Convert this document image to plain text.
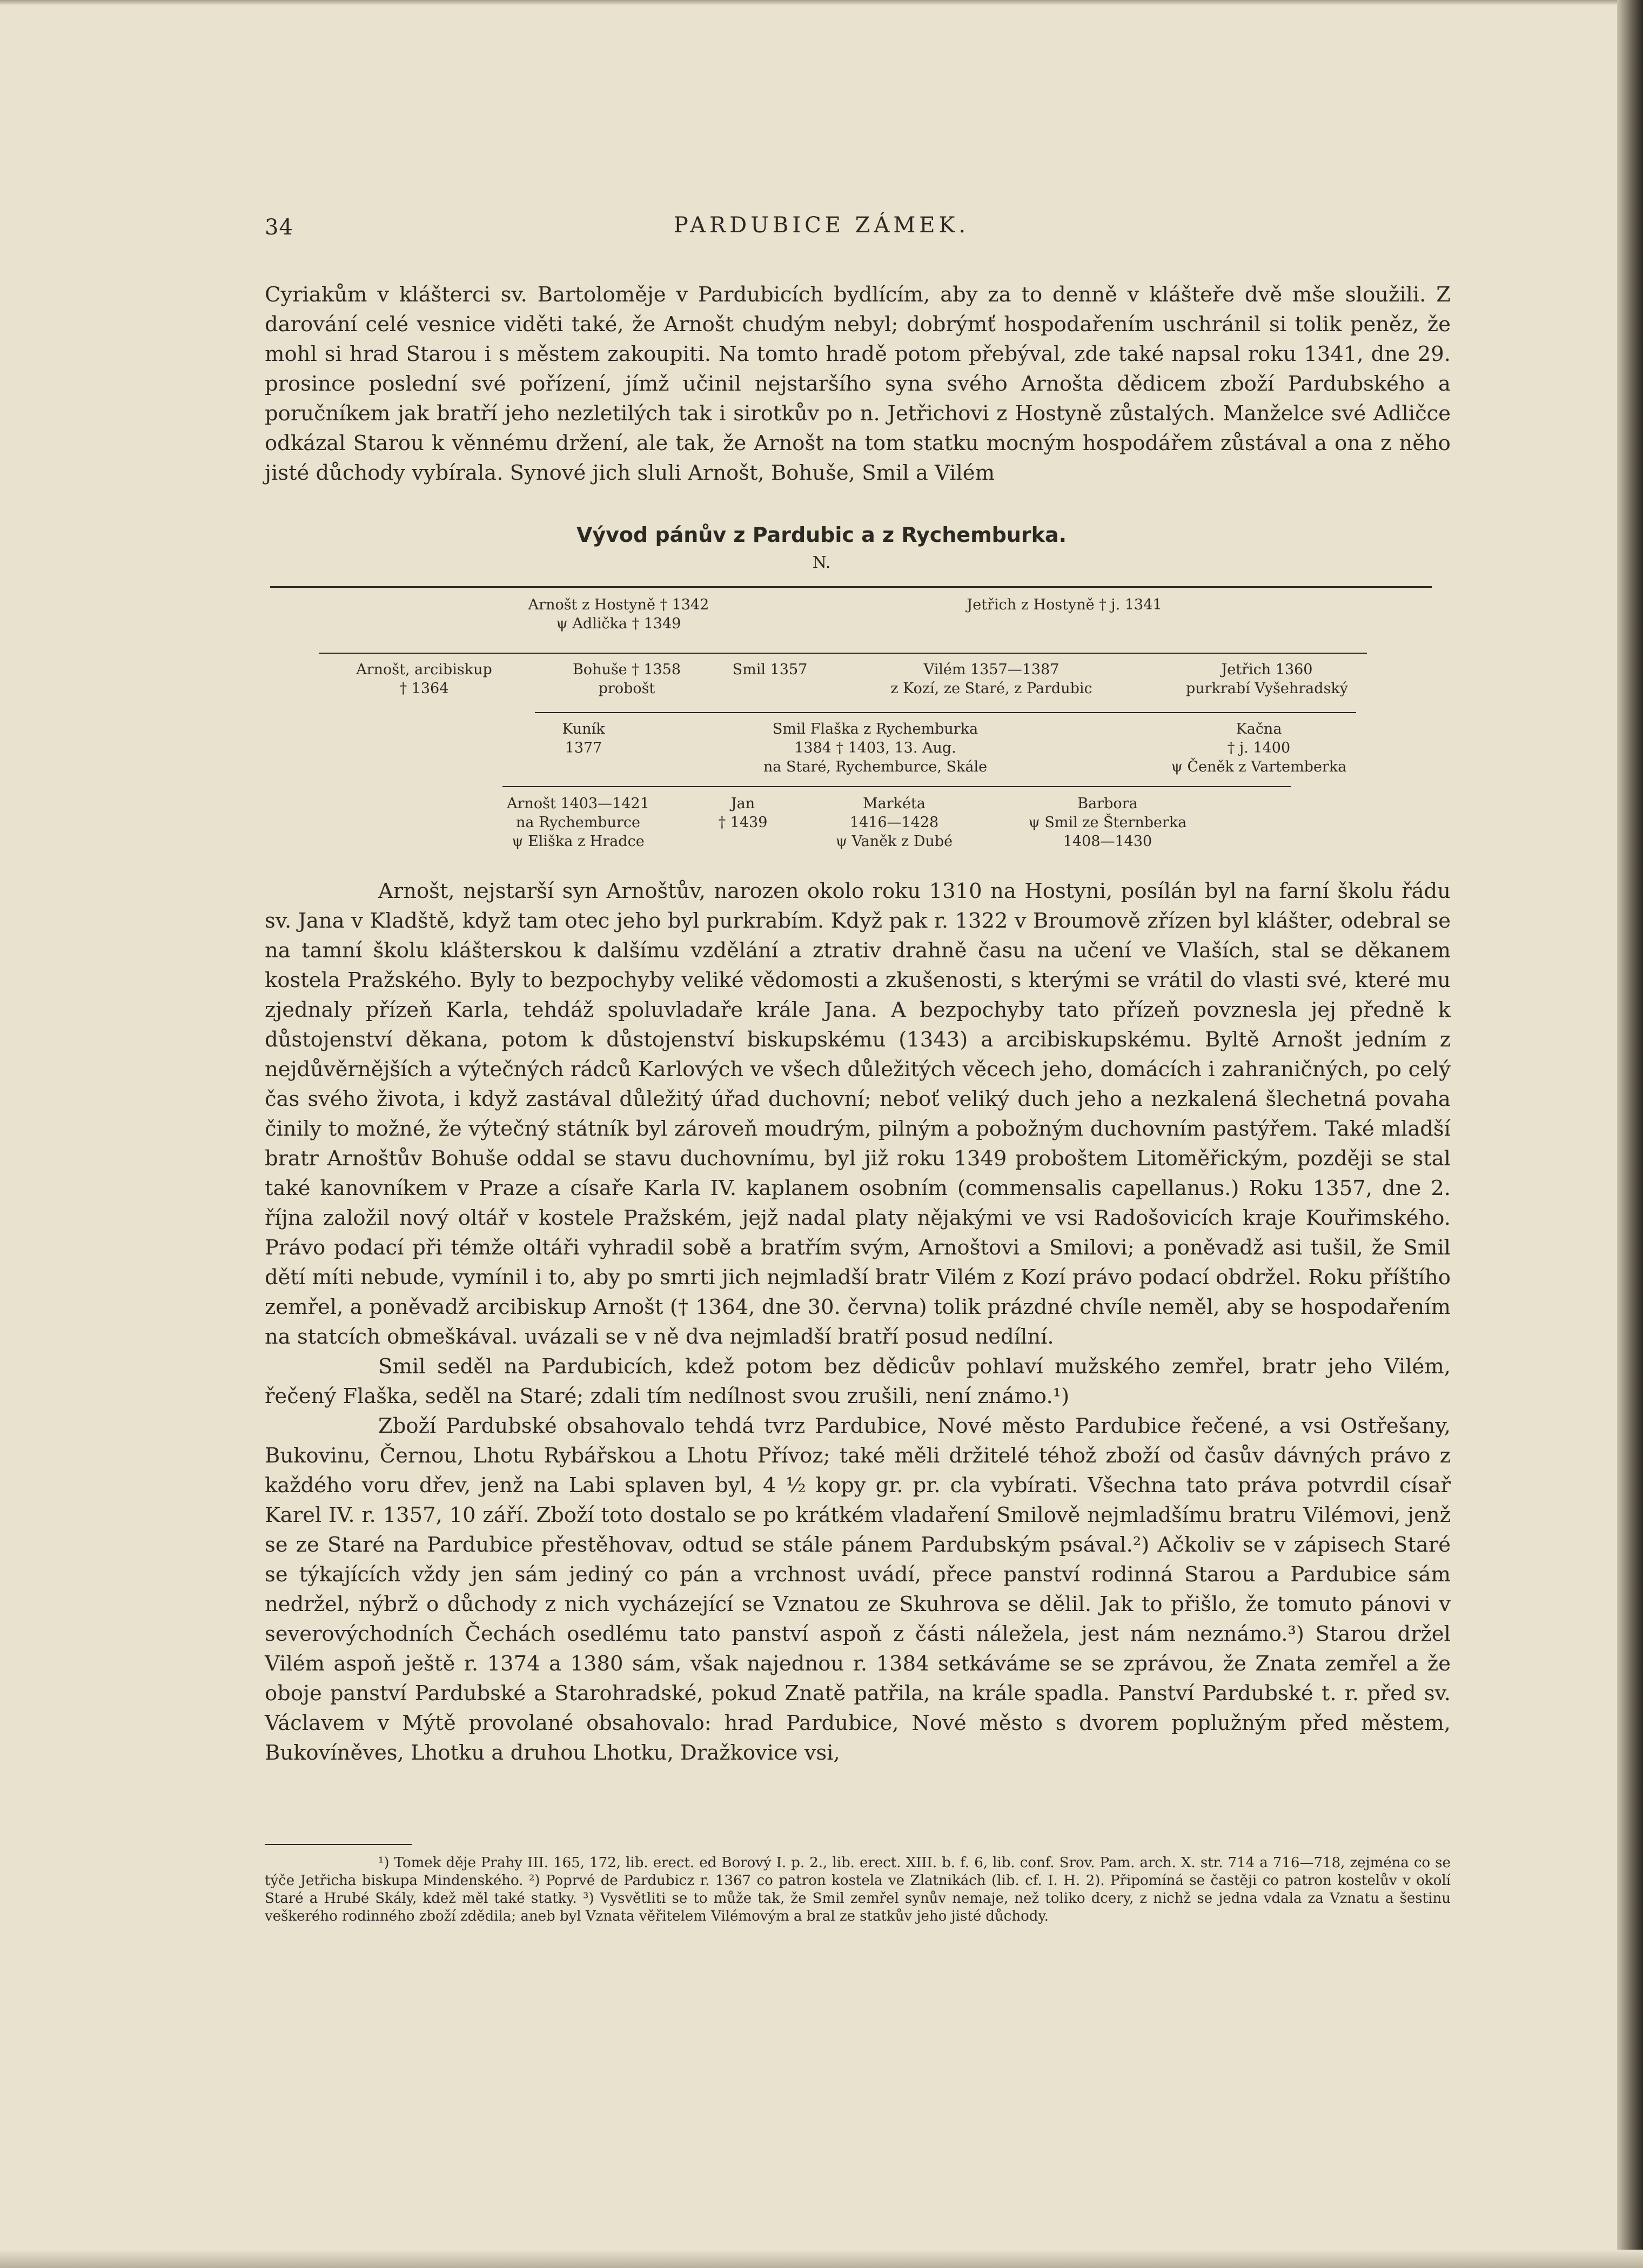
34	PARDUBICE ZÁMEK.

Cyriakům v klášterci sv. Bartoloměje v Pardubicích bydlícím, aby za to denně v klášteře dvě mše sloužili. Z darování celé vesnice viděti také, že Arnošt chudým nebyl; dobrýmť hospodařením uschránil si tolik peněz, že mohl si hrad Starou i s městem zakoupiti. Na tomto hradě potom přebýval, zde také napsal roku 1341, dne 29. prosince poslední své pořízení, jímž učinil nejstaršího syna svého Arnošta dědicem zboží Pardubského a poručníkem jak bratří jeho nezletilých tak i sirotkův po n. Jetřichovi z Hostyně zůstalých. Manželce své Adličce odkázal Starou k věnnému držení, ale tak, že Arnošt na tom statku mocným hospodářem zůstával a ona z něho jisté důchody vybírala. Synové jich sluli Arnošt, Bohuše, Smil a Vilém

Vývod pánův z Pardubic a z Rychemburka.
N.
Arnošt z Hostyně † 1342
ψ Adlička † 1349
Jetřich z Hostyně † j. 1341
Arnošt, arcibiskup
† 1364
Bohuše † 1358
probošt
Smil 1357	Vilém 1357—1387
z Kozí, ze Staré, z Pardubic
Jetřich 1360
purkrabí Vyšehradský
Kuník
1377
Smil Flaška z Rychemburka
1384 † 1403, 13. Aug.
na Staré, Rychemburce, Skále
Kačna
† j. 1400
ψ Čeněk z Vartemberka
Arnošt 1403—1421
na Rychemburce
ψ Eliška z Hradce
Jan
† 1439
Markéta
1416—1428
ψ Vaněk z Dubé
Barbora
ψ Smil ze Šternberka
1408—1430

Arnošt, nejstarší syn Arnoštův, narozen okolo roku 1310 na Hostyni, posílán byl na farní školu řádu sv. Jana v Kladště, když tam otec jeho byl purkrabím. Když pak r. 1322 v Broumově zřízen byl klášter, odebral se na tamní školu klášterskou k dalšímu vzdělání a ztrativ drahně času na učení ve Vlaších, stal se děkanem kostela Pražského. Byly to bezpochyby veliké vědomosti a zkušenosti, s kterými se vrátil do vlasti své, které mu zjednaly přízeň Karla, tehdáž spoluvladaře krále Jana. A bezpochyby tato přízeň povznesla jej předně k důstojenství děkana, potom k důstojenství biskupskému (1343) a arcibiskupskému. Byltě Arnošt jedním z nejdůvěrnějších a výtečných rádců Karlových ve všech důležitých věcech jeho, domácích i zahraničných, po celý čas svého života, i když zastával důležitý úřad duchovní; neboť veliký duch jeho a nezkalená šlechetná povaha činily to možné, že výtečný státník byl zároveň moudrým, pilným a pobožným duchovním pastýřem. Také mladší bratr Arnoštův Bohuše oddal se stavu duchovnímu, byl již roku 1349 proboštem Litoměřickým, později se stal také kanovníkem v Praze a císaře Karla IV. kaplanem osobním (commensalis capellanus.) Roku 1357, dne 2. října založil nový oltář v kostele Pražském, jejž nadal platy nějakými ve vsi Radošovicích kraje Kouřimského. Právo podací při témže oltáři vyhradil sobě a bratřím svým, Arnoštovi a Smilovi; a poněvadž asi tušil, že Smil dětí míti nebude, vymínil i to, aby po smrti jich nejmladší bratr Vilém z Kozí právo podací obdržel. Roku příštího zemřel, a poněvadž arcibiskup Arnošt († 1364, dne 30. června) tolik prázdné chvíle neměl, aby se hospodařením na statcích obmeškával. uvázali se v ně dva nejmladší bratří posud nedílní.

Smil seděl na Pardubicích, kdež potom bez dědicův pohlaví mužského zemřel, bratr jeho Vilém, řečený Flaška, seděl na Staré; zdali tím nedílnost svou zrušili, není známo.¹)

Zboží Pardubské obsahovalo tehdá tvrz Pardubice, Nové město Pardubice řečené, a vsi Ostřešany, Bukovinu, Černou, Lhotu Rybářskou a Lhotu Přívoz; také měli držitelé téhož zboží od časův dávných právo z každého voru dřev, jenž na Labi splaven byl, 4 ½ kopy gr. pr. cla vybírati. Všechna tato práva potvrdil císař Karel IV. r. 1357, 10 září. Zboží toto dostalo se po krátkém vladaření Smilově nejmladšímu bratru Vilémovi, jenž se ze Staré na Pardubice přestěhovav, odtud se stále pánem Pardubským psával.²) Ačkoliv se v zápisech Staré se týkajících vždy jen sám jediný co pán a vrchnost uvádí, přece panství rodinná Starou a Pardubice sám nedržel, nýbrž o důchody z nich vycházející se Vznatou ze Skuhrova se dělil. Jak to přišlo, že tomuto pánovi v severovýchodních Čechách osedlému tato panství aspoň z části náležela, jest nám neznámo.³) Starou držel Vilém aspoň ještě r. 1374 a 1380 sám, však najednou r. 1384 setkáváme se se zprávou, že Znata zemřel a že oboje panství Pardubské a Starohradské, pokud Znatě patřila, na krále spadla. Panství Pardubské t. r. před sv. Václavem v Mýtě provolané obsahovalo: hrad Pardubice, Nové město s dvorem poplužným před městem, Bukovíněves, Lhotku a druhou Lhotku, Dražkovice vsi,

¹) Tomek děje Prahy III. 165, 172, lib. erect. ed Borový I. p. 2., lib. erect. XIII. b. f. 6, lib. conf. Srov. Pam. arch. X. str. 714 a 716—718, zejména co se týče Jetřicha biskupa Mindenského. ²) Poprvé de Pardubicz r. 1367 co patron kostela ve Zlatnikách (lib. cf. I. H. 2). Připomíná se častěji co patron kostelův v okolí Staré a Hrubé Skály, kdež měl také statky. ³) Vysvětliti se to může tak, že Smil zemřel synův nemaje, než toliko dcery, z nichž se jedna vdala za Vznatu a šestinu veškerého rodinného zboží zdědila; aneb byl Vznata věřitelem Vilémovým a bral ze statkův jeho jisté důchody.
